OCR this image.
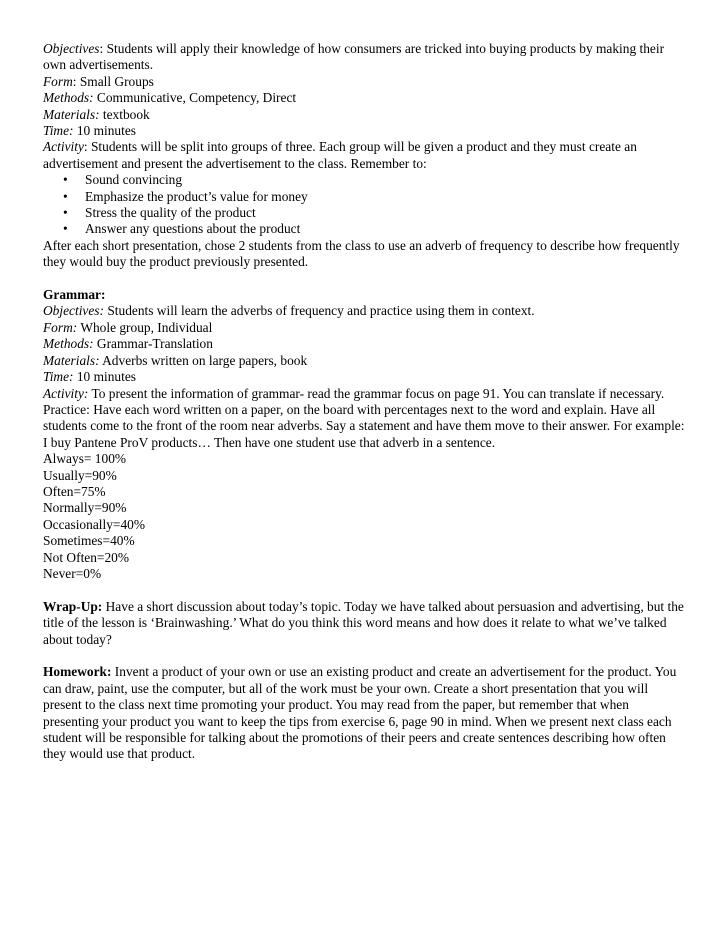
Objectives: Students will apply their knowledge of how consumers are tricked into buying products by making their own advertisements.

Form: Small Groups

Methods: Communicative, Competency, Direct

Materials: textbook

Time: 10 minutes

Activity: Students will be split into groups of three. Each group will be given a product and they must create an advertisement and present the advertisement to the class. Remember to:

• Sound convincing
• Emphasize the product’s value for money
• Stress the quality of the product
• Answer any questions about the product

After each short presentation, chose 2 students from the class to use an adverb of frequency to describe how frequently they would buy the product previously presented.

Grammar:

Objectives: Students will learn the adverbs of frequency and practice using them in context.

Form: Whole group, Individual

Methods: Grammar-Translation

Materials: Adverbs written on large papers, book

Time: 10 minutes

Activity: To present the information of grammar- read the grammar focus on page 91. You can translate if necessary. Practice: Have each word written on a paper, on the board with percentages next to the word and explain. Have all students come to the front of the room near adverbs. Say a statement and have them move to their answer. For example: I buy Pantene ProV products… Then have one student use that adverb in a sentence.

Always= 100%

Usually=90%

Often=75%

Normally=90%

Occasionally=40%

Sometimes=40%

Not Often=20%

Never=0%

Wrap-Up: Have a short discussion about today’s topic. Today we have talked about persuasion and advertising, but the title of the lesson is ‘Brainwashing.’ What do you think this word means and how does it relate to what we’ve talked about today?

Homework: Invent a product of your own or use an existing product and create an advertisement for the product. You can draw, paint, use the computer, but all of the work must be your own. Create a short presentation that you will present to the class next time promoting your product. You may read from the paper, but remember that when presenting your product you want to keep the tips from exercise 6, page 90 in mind. When we present next class each student will be responsible for talking about the promotions of their peers and create sentences describing how often they would use that product.
